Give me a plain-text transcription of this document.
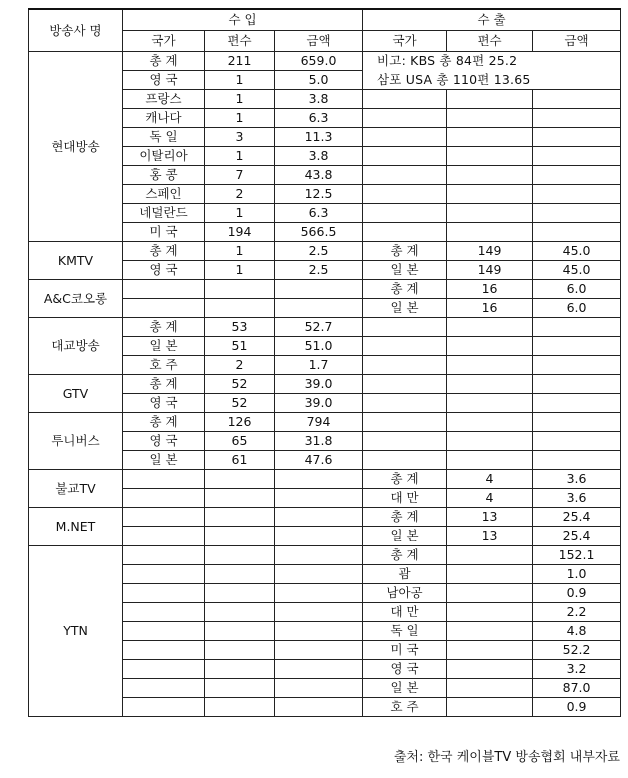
방송사 명	수 입			수 출		
	국가	편수	금액	국가	편수	금액
현대방송	총 계	211	659.0	비고: KBS 총 84편 25.2		
	영 국	1	5.0	삼포 USA 총 110편 13.65		
	프랑스	1	3.8			
	캐나다	1	6.3			
	독 일	3	11.3			
	이탈리아	1	3.8			
	홍 콩	7	43.8			
	스페인	2	12.5			
	네덜란드	1	6.3			
	미 국	194	566.5			
KMTV	총 계	1	2.5	총 계	149	45.0
	영 국	1	2.5	일 본	149	45.0
A&C코오롱				총 계	16	6.0
				일 본	16	6.0
대교방송	총 계	53	52.7			
	일 본	51	51.0			
	호 주	2	1.7			
GTV	총 계	52	39.0			
	영 국	52	39.0			
투니버스	총 계	126	794			
	영 국	65	31.8			
	일 본	61	47.6			
불교TV				총 계	4	3.6
				대 만	4	3.6
M.NET				총 계	13	25.4
				일 본	13	25.4
YTN				총 계		152.1
				괌		1.0
				남아공		0.9
				대 만		2.2
				독 일		4.8
				미 국		52.2
				영 국		3.2
				일 본		87.0
				호 주		0.9
출처: 한국 케이블TV 방송협회 내부자료
